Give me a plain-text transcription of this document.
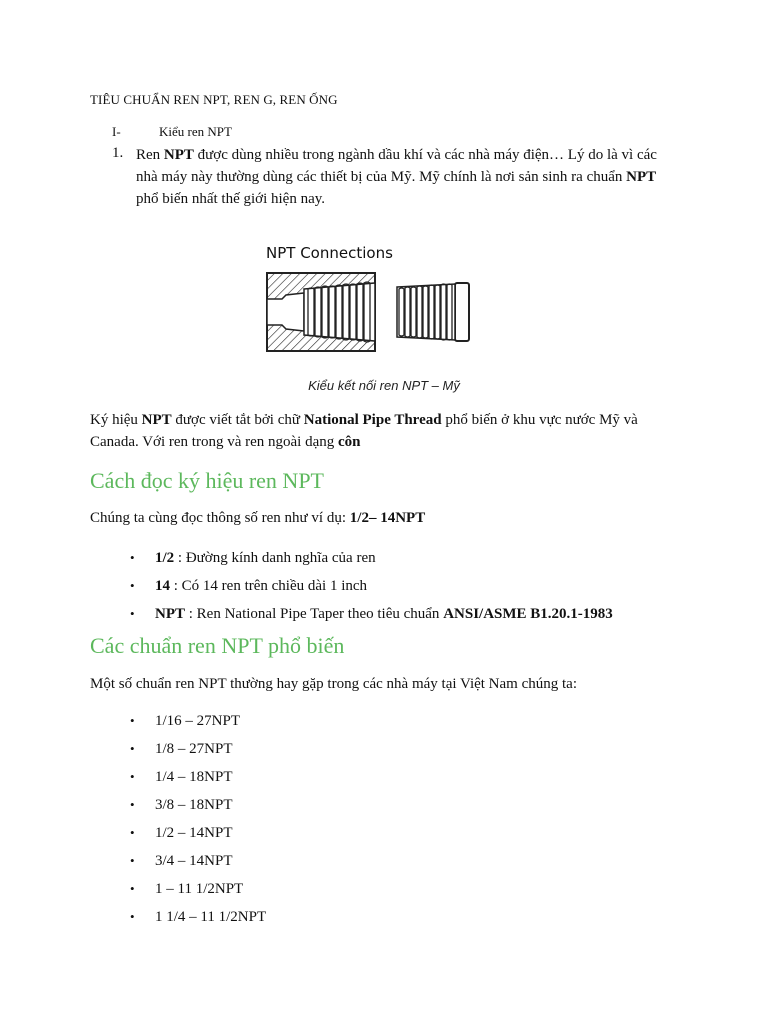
TIÊU CHUẨN REN NPT, REN G, REN ỐNG
I-	Kiểu ren NPT
1. Ren NPT được dùng nhiều trong ngành dầu khí và các nhà máy điện… Lý do là vì các nhà máy này thường dùng các thiết bị của Mỹ. Mỹ chính là nơi sản sinh ra chuẩn NPT phổ biến nhất thế giới hiện nay.
NPT Connections
Kiểu kết nối ren NPT – Mỹ
Ký hiệu NPT được viết tắt bởi chữ National Pipe Thread phổ biến ở khu vực nước Mỹ và Canada. Với ren trong và ren ngoài dạng côn
Cách đọc ký hiệu ren NPT
Chúng ta cùng đọc thông số ren như ví dụ: 1/2– 14NPT
• 1/2 : Đường kính danh nghĩa của ren
• 14 : Có 14 ren trên chiều dài 1 inch
• NPT : Ren National Pipe Taper theo tiêu chuẩn ANSI/ASME B1.20.1-1983
Các chuẩn ren NPT phổ biến
Một số chuẩn ren NPT thường hay gặp trong các nhà máy tại Việt Nam chúng ta:
• 1/16 – 27NPT
• 1/8 – 27NPT
• 1/4 – 18NPT
• 3/8 – 18NPT
• 1/2 – 14NPT
• 3/4 – 14NPT
• 1 – 11 1/2NPT
• 1 1/4 – 11 1/2NPT
